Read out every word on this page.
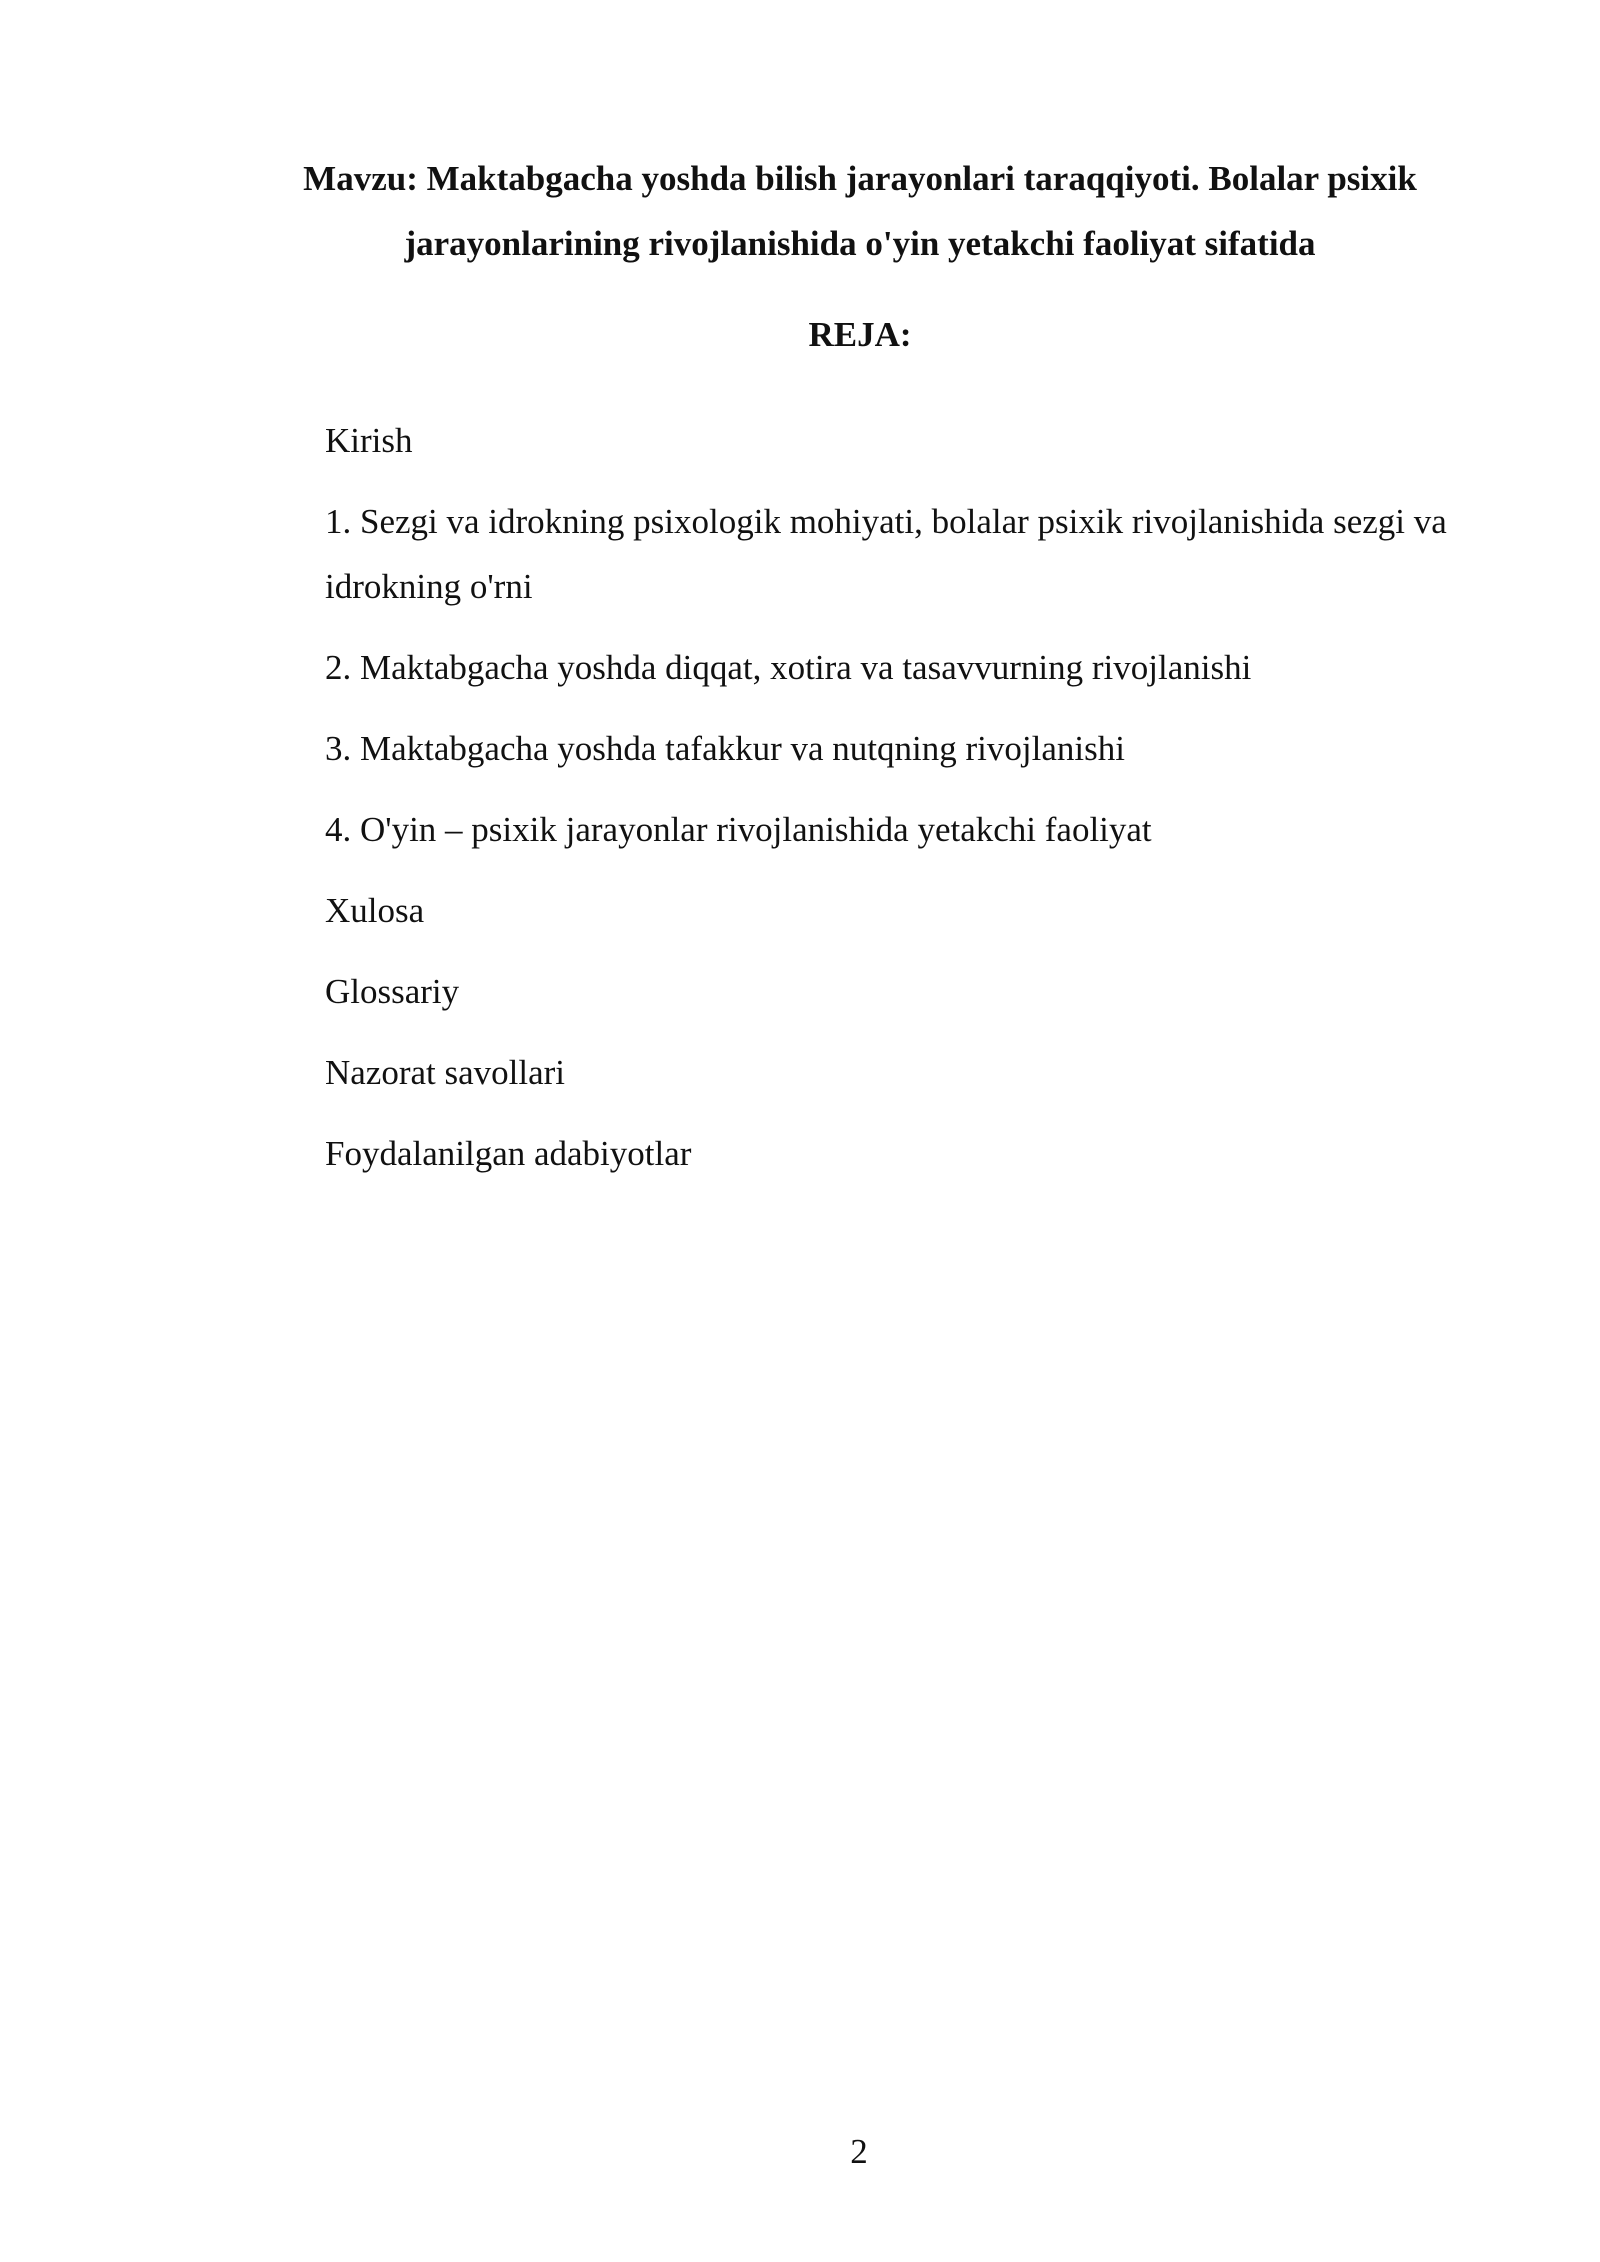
Mavzu: Maktabgacha yoshda bilish jarayonlari taraqqiyoti. Bolalar psixik jarayonlarining rivojlanishida o'yin yetakchi faoliyat sifatida
REJA:
Kirish
1. Sezgi va idrokning psixologik mohiyati, bolalar psixik rivojlanishida sezgi va idrokning o'rni
2. Maktabgacha yoshda diqqat, xotira va tasavvurning rivojlanishi
3. Maktabgacha yoshda tafakkur va nutqning rivojlanishi
4. O'yin – psixik jarayonlar rivojlanishida yetakchi faoliyat
Xulosa
Glossariy
Nazorat savollari
Foydalanilgan adabiyotlar
2
